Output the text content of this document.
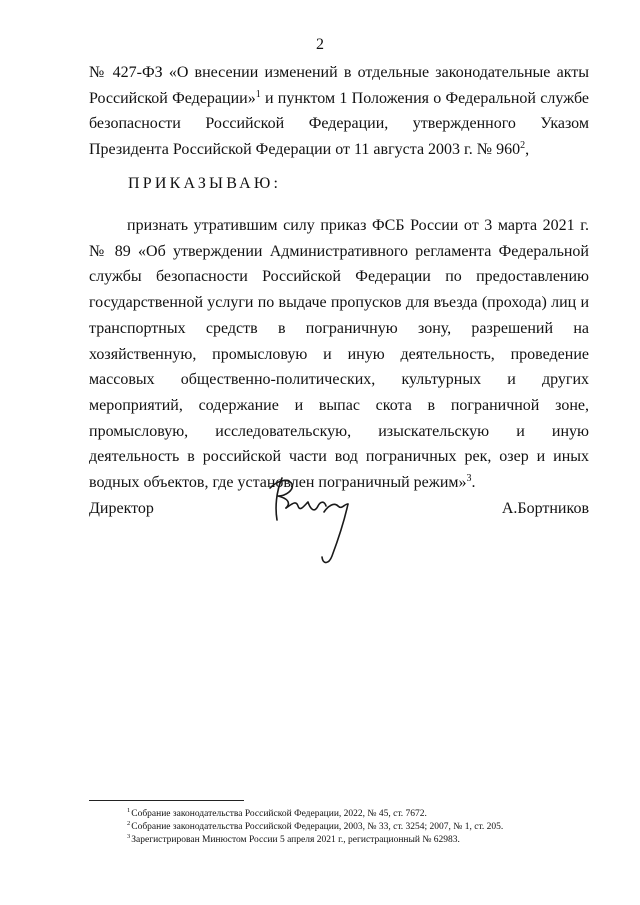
2

№ 427-ФЗ «О внесении изменений в отдельные законодательные акты Российской Федерации»$^1$ и пунктом 1 Положения о Федеральной службе безопасности Российской Федерации, утвержденного Указом Президента Российской Федерации от 11 августа 2003 г. № $960^2$,

ПРИКАЗЫВАЮ:

признать утратившим силу приказ ФСБ России от 3 марта 2021 г. № 89 «Об утверждении Административного регламента Федеральной службы безопасности Российской Федерации по предоставлению государственной услуги по выдаче пропусков для въезда (прохода) лиц и транспортных средств в пограничную зону, разрешений на хозяйственную, промысловую и иную деятельность, проведение массовых общественно-политических, культурных и других мероприятий, содержание и выпас скота в пограничной зоне, промысловую, исследовательскую, изыскательскую и иную деятельность в российской части вод пограничных рек, озер и иных водных объектов, где установлен пограничный режим»$^3$.

Директор	А.Бортников
$^1$Собрание законодательства Российской Федерации, 2022, № 45, ст. 7672.
$^2$Собрание законодательства Российской Федерации, 2003, № 33, ст. 3254; 2007, № 1, ст. 205.
$^3$Зарегистрирован Минюстом России 5 апреля 2021 г., регистрационный № 62983.
